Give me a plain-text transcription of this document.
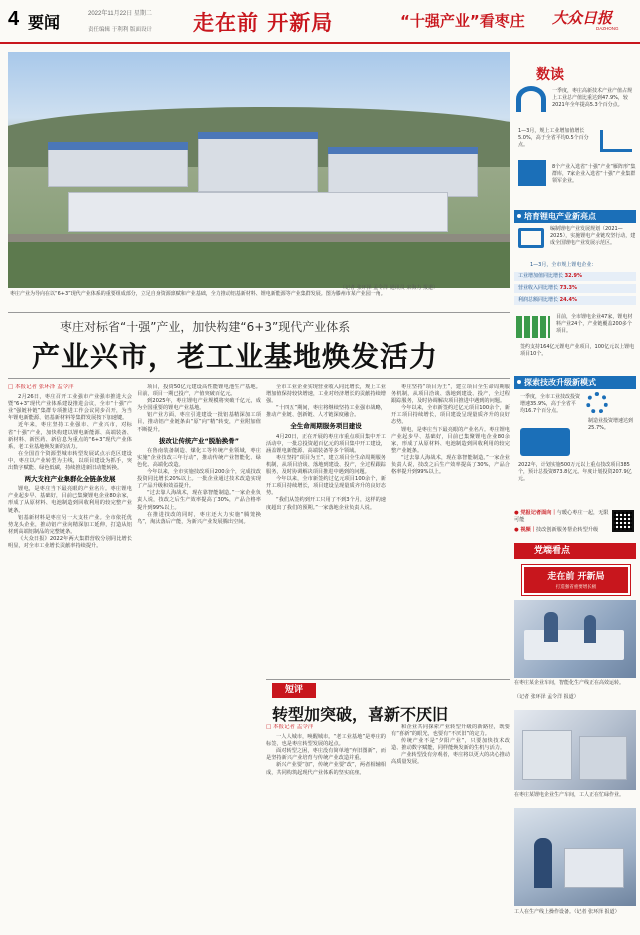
4 要闻	2022年11月22日 星期二
责任编辑 于利利 版面设计 走在前 开新局	“十强产业”看枣庄 大众日报
DAZHONG
（记者 张环泽 孟令洋 通讯员 宋海力 报道）
枣庄产业为导向在以“6+3”现代产业体系的重要组成部分，立足自身资源禀赋和产业基础，全力推动铝基新材料、锂电新能源等产业集群发展。图为滕州市某产业园一角。
枣庄对标省“十强”产业，加快构建“6+3”现代产业体系
产业兴市，老工业基地焕发活力
□ 本报记者 张环泽 孟令洋

2月26日，枣庄召开工业强市产业强市推进大会暨“6+3”现代产业体系建设推进会议，全市“十强”产业“强链补链”集群专项推进工作会议同步召开，为当年锂电新能源、铝基新材料等集群发展按下加速键。

近年来，枣庄坚持工业强市、产业兴市，对标省“十强”产业，加快构建以锂电新能源、高端装备、新材料、新医药、新信息为重点的“6+3”现代产业体系，老工业基地焕发新的活力。

在全国首个资源型城市转型发展试点示范区建设中，枣庄以产业转型为主线，以项目建设为抓手，突出数字赋能、绿色低碳，持续推进新旧动能转换。

两大支柱产业集群化全链条发展

锂电，是枣庄当下最亮眼的产业名片。枣庄锂电产业起步早、基础好，目前已集聚锂电企业80余家，形成了从原材料、电池制造到回收利用的较完整产业链条。

铝基新材料是枣庄另一大支柱产业。全市依托优势龙头企业，推动铝产业向精深加工延伸，打造从铝材到高端铝制品的完整链条。

《大众日报》2022年两大集群营收分别同比增长明显，对全市工业增长贡献率持续提升。

项目，投资50亿元建设高性能锂电池生产基地。目前，项目一期已投产，产值突破百亿元。

到2025年，枣庄锂电产业规模将突破千亿元，成为全国重要的锂电产业基地。

铝产业方面，枣庄引进建设一批铝基精深加工项目，推动铝产业链条由“原”向“精”转变，产业附加值不断提升。

拔改让传统产业“脱胎换骨”

在鲁南装备制造、煤化工等传统产业领域，枣庄实施“企业技改三年行动”，推动传统产业智能化、绿色化、高端化改造。

今年以来，全市实施技改项目200余个，完成技改投资同比增长20%以上。一批企业通过技术改造实现了产品升级和效益提升。

“过去靠人海战术，现在靠智能制造。”一家企业负责人说，技改之后生产效率提高了30%，产品合格率提升到99%以上。

在推进技改的同时，枣庄还大力实施“腾笼换鸟”，淘汰落后产能，为新兴产业发展腾出空间。

全市工业企业实现营业收入同比增长，规上工业增加值保持较快增速，工业对经济增长的贡献持续增强。

“十四五”期间，枣庄将继续坚持工业强市战略，推动产业链、创新链、人才链深度融合。

全生命周期服务项目建设

4月20日，正在开展的枣庄市重点项目集中开工活动中，一批总投资超百亿元的项目集中开工建设，涵盖锂电新能源、高端装备等多个领域。

枣庄坚持“项目为王”，建立项目全生命周期服务机制，从项目洽谈、落地到建设、投产，全过程跟踪服务，及时协调解决项目推进中遇到的问题。

今年以来，全市新签约过亿元项目100余个，新开工项目持续增长，项目建设呈现量质齐升的良好态势。

“我们从签约到开工只用了不到3个月，这样的速度超出了我们的预期。”一家落地企业负责人说。

枣庄坚持“项目为王”，建立项目全生命周期服务机制，从项目洽谈、落地到建设、投产，全过程跟踪服务，及时协调解决项目推进中遇到的问题。

今年以来，全市新签约过亿元项目100余个，新开工项目持续增长，项目建设呈现量质齐升的良好态势。

锂电，是枣庄当下最亮眼的产业名片。枣庄锂电产业起步早、基础好，目前已集聚锂电企业80余家，形成了从原材料、电池制造到回收利用的较完整产业链条。

“过去靠人海战术，现在靠智能制造。”一家企业负责人说，技改之后生产效率提高了30%，产品合格率提升到99%以上。

短评
转型加突破，喜新不厌旧
□ 本报记者 孟令洋

一人人城市，唤醒城市。“老工业基地”是枣庄的标签，也是枣庄转型发展的起点。

面对转型之困，枣庄没有简单地“弃旧图新”，而是坚持新兴产业培育与传统产业改造并重。

新兴产业要“加”，传统产业要“改”，两者相辅相成，共同构筑起现代产业体系的坚实底座。

和企业共同探索产业转型升级的新路径，既要有“喜新”的眼光，也要有“不厌旧”的定力。

传统产业不是“夕阳产业”，只要加快技术改造、推动数字赋能，同样能焕发新的生机与活力。

产业转型没有旁观者，枣庄将以更大的决心推动高质量发展。

在枣庄某企业车间，智能化生产线正在高效运转。
（记者 张环泽 孟令洋 报道）
在枣庄某锂电企业生产车间，工人正在忙碌作业。
工人在生产线上操作设备。（记者 张环泽 报道）
数读
一季度，枣庄高新技术产业产值占规上工业总产值比重达到47.9%，较2021年全年提高5.3个百分点。
1—3月，规上工业增加值增长5.0%，高于全省平均0.5个百分点。
8个产业入选省“十强”产业“雁阵形”集群库，7家企业入选省“十强”产业集群领军企业。
培育锂电产业新亮点
编制锂电产业发展规划（2021—2025），实施锂电产业链攻坚行动，建成全国锂电产业发展示范区。
1—3月，全市规上锂电企业：
工业增加值同比增长 32.9%
营业收入同比增长 73.3%
利润总额同比增长 24.4%
目前，全市锂电企业47家，锂电材料产业24个，产业链覆盖200多个项目。
签约支持164亿元锂电产业项目，100亿元以上锂电项目10个。
探索技改升级新模式
一季度，全市工业技改投资增速35.9%，高于全省平均16.7个百分点。
制造业投资增速达到25.7%。
2022年，计划实施500万元以上重点技改项目385个，预计总投资873.8亿元。年度计划投资207.9亿元。
党端看点
走在前 开新局
打造强省重要增长极
● 党报记者面向｜与暖心枣庄一起，无限可能
● 视频｜技改创新服务帮企转型升级
